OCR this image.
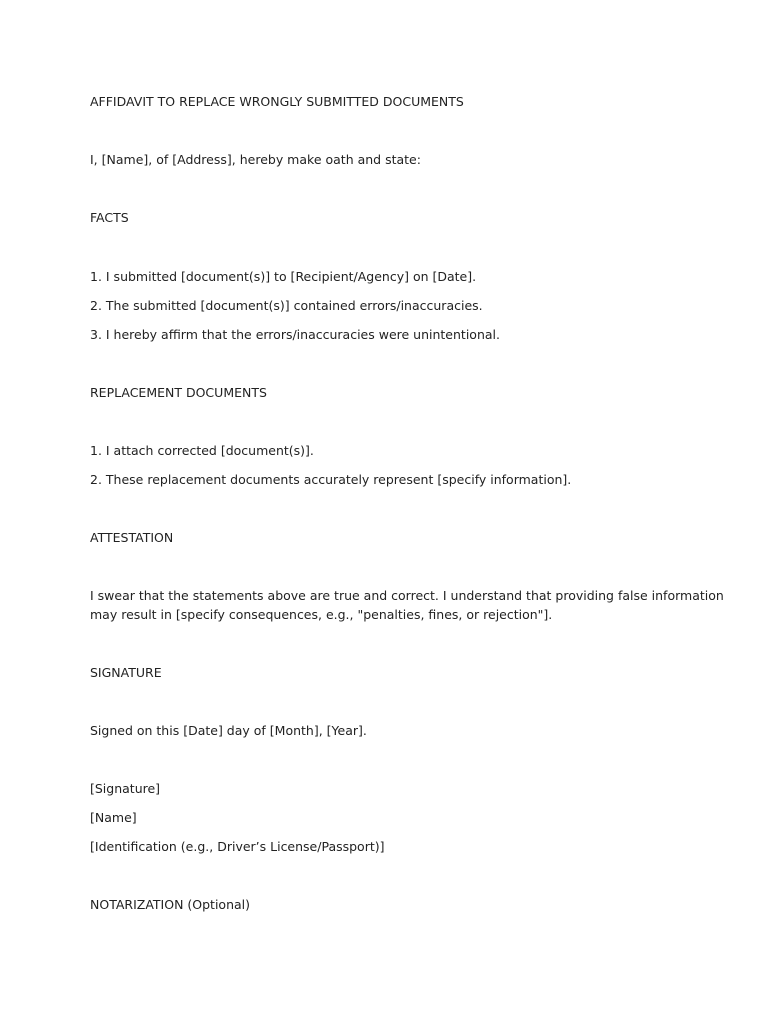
AFFIDAVIT TO REPLACE WRONGLY SUBMITTED DOCUMENTS

I, [Name], of [Address], hereby make oath and state:

FACTS

1. I submitted [document(s)] to [Recipient/Agency] on [Date].

2. The submitted [document(s)] contained errors/inaccuracies.

3. I hereby affirm that the errors/inaccuracies were unintentional.

REPLACEMENT DOCUMENTS

1. I attach corrected [document(s)].

2. These replacement documents accurately represent [specify information].

ATTESTATION

I swear that the statements above are true and correct. I understand that providing false information

may result in [specify consequences, e.g., "penalties, fines, or rejection"].

SIGNATURE

Signed on this [Date] day of [Month], [Year].

[Signature]

[Name]

[Identification (e.g., Driver’s License/Passport)]

NOTARIZATION (Optional)
